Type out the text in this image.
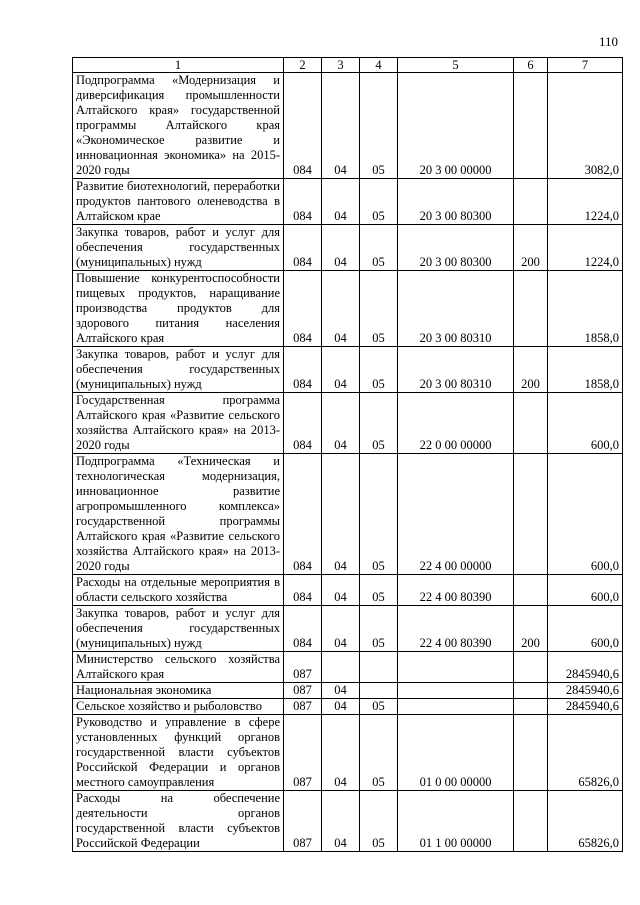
110
1	2	3	4	5	6	7
Подпрограмма «Модернизация и диверсификация промышленности Алтайского края» государственной программы Алтайского края «Экономическое развитие и инновационная экономика» на 2015-2020 годы	084	04	05	20 3 00 00000		3082,0
Развитие биотехнологий, переработки продуктов пантового оленеводства в Алтайском крае	084	04	05	20 3 00 80300		1224,0
Закупка товаров, работ и услуг для обеспечения государственных (муниципальных) нужд	084	04	05	20 3 00 80300	200	1224,0
Повышение конкурентоспособности пищевых продуктов, наращивание производства продуктов для здорового питания населения Алтайского края	084	04	05	20 3 00 80310		1858,0
Закупка товаров, работ и услуг для обеспечения государственных (муниципальных) нужд	084	04	05	20 3 00 80310	200	1858,0
Государственная программа Алтайского края «Развитие сельского хозяйства Алтайского края» на 2013-2020 годы	084	04	05	22 0 00 00000		600,0
Подпрограмма «Техническая и технологическая модернизация, инновационное развитие агропромышленного комплекса» государственной программы Алтайского края «Развитие сельского хозяйства Алтайского края» на 2013-2020 годы	084	04	05	22 4 00 00000		600,0
Расходы на отдельные мероприятия в области сельского хозяйства	084	04	05	22 4 00 80390		600,0
Закупка товаров, работ и услуг для обеспечения государственных (муниципальных) нужд	084	04	05	22 4 00 80390	200	600,0
Министерство сельского хозяйства Алтайского края	087					2845940,6
Национальная экономика	087	04				2845940,6
Сельское хозяйство и рыболовство	087	04	05			2845940,6
Руководство и управление в сфере установленных функций органов государственной власти субъектов Российской Федерации и органов местного самоуправления	087	04	05	01 0 00 00000		65826,0
Расходы на обеспечение деятельности органов государственной власти субъектов Российской Федерации	087	04	05	01 1 00 00000		65826,0
